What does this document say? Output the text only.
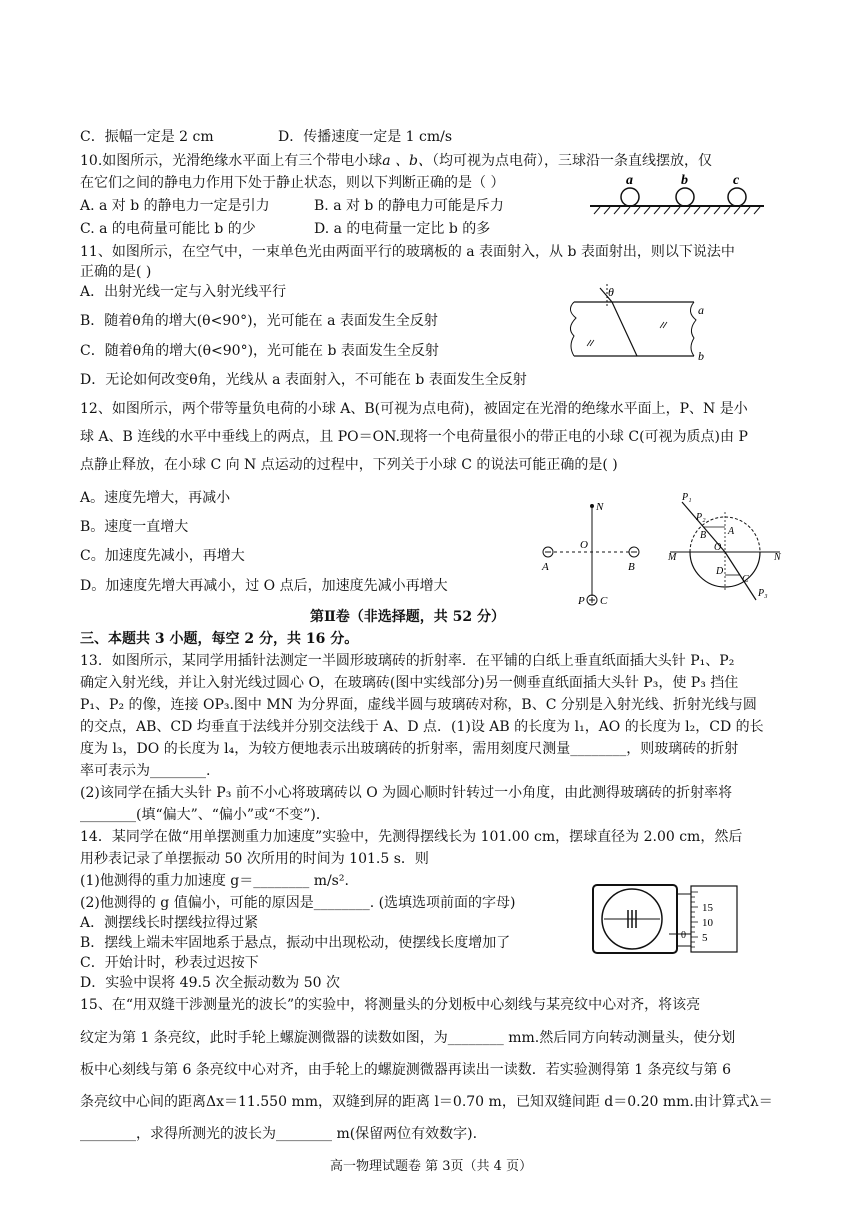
C．振幅一定是 2 cm	D．传播速度一定是 1 cm/s
10.如图所示，光滑绝缘水平面上有三个带电小球a 、b、（均可视为点电荷），三球沿一条直线摆放，仅
在它们之间的静电力作用下处于静止状态，则以下判断正确的是（ ）
A. a 对 b 的静电力一定是引力	B. a 对 b 的静电力可能是斥力
C. a 的电荷量可能比 b 的少	D. a 的电荷量一定比 b 的多
a	b	c
11、如图所示，在空气中，一束单色光由两面平行的玻璃板的 a 表面射入，从 b 表面射出，则以下说法中
正确的是( )
A．出射光线一定与入射光线平行
B．随着θ角的增大(θ<90°)，光可能在 a 表面发生全反射
C．随着θ角的增大(θ<90°)，光可能在 b 表面发生全反射
D．无论如何改变θ角，光线从 a 表面射入，不可能在 b 表面发生全反射
θ
a
b
12、如图所示，两个带等量负电荷的小球 A、B(可视为点电荷)，被固定在光滑的绝缘水平面上，P、N 是小
球 A、B 连线的水平中垂线上的两点，且 PO＝ON.现将一个电荷量很小的带正电的小球 C(可视为质点)由 P
点静止释放，在小球 C 向 N 点运动的过程中，下列关于小球 C 的说法可能正确的是( )
A。速度先增大，再减小
B。速度一直增大
C。加速度先减小，再增大
D。加速度先增大再减小，过 O 点后，加速度先减小再增大
N
O
A	B
P C
P₁
P₂
P₃
M	N
A
B
O
C
D
第Ⅱ卷（非选择题，共 52 分）
三、本题共 3 小题，每空 2 分，共 16 分。
13．如图所示，某同学用插针法测定一半圆形玻璃砖的折射率．在平铺的白纸上垂直纸面插大头针 P₁、P₂
确定入射光线，并让入射光线过圆心 O，在玻璃砖(图中实线部分)另一侧垂直纸面插大头针 P₃，使 P₃ 挡住
P₁、P₂ 的像，连接 OP₃.图中 MN 为分界面，虚线半圆与玻璃砖对称，B、C 分别是入射光线、折射光线与圆
的交点，AB、CD 均垂直于法线并分别交法线于 A、D 点．(1)设 AB 的长度为 l₁，AO 的长度为 l₂，CD 的长
度为 l₃，DO 的长度为 l₄，为较方便地表示出玻璃砖的折射率，需用刻度尺测量________，则玻璃砖的折射
率可表示为________.
(2)该同学在插大头针 P₃ 前不小心将玻璃砖以 O 为圆心顺时针转过一小角度，由此测得玻璃砖的折射率将
________(填“偏大”、“偏小”或“不变”)．
14．某同学在做“用单摆测重力加速度”实验中，先测得摆线长为 101.00 cm，摆球直径为 2.00 cm，然后
用秒表记录了单摆振动 50 次所用的时间为 101.5 s．则
(1)他测得的重力加速度 g＝________ m/s².
(2)他测得的 g 值偏小，可能的原因是________. (选填选项前面的字母)
A．测摆线长时摆线拉得过紧
B．摆线上端未牢固地系于悬点，振动中出现松动，使摆线长度增加了
C．开始计时，秒表过迟按下
D．实验中误将 49.5 次全振动数为 50 次
15
10
5
0
15、在“用双缝干涉测量光的波长”的实验中，将测量头的分划板中心刻线与某亮纹中心对齐，将该亮
纹定为第 1 条亮纹，此时手轮上螺旋测微器的读数如图，为________ mm.然后同方向转动测量头，使分划
板中心刻线与第 6 条亮纹中心对齐，由手轮上的螺旋测微器再读出一读数．若实验测得第 1 条亮纹与第 6
条亮纹中心间的距离Δx＝11.550 mm，双缝到屏的距离 l＝0.70 m，已知双缝间距 d＝0.20 mm.由计算式λ＝
________，求得所测光的波长为________ m(保留两位有效数字).
高一物理试题卷 第 3页（共 4 页）
